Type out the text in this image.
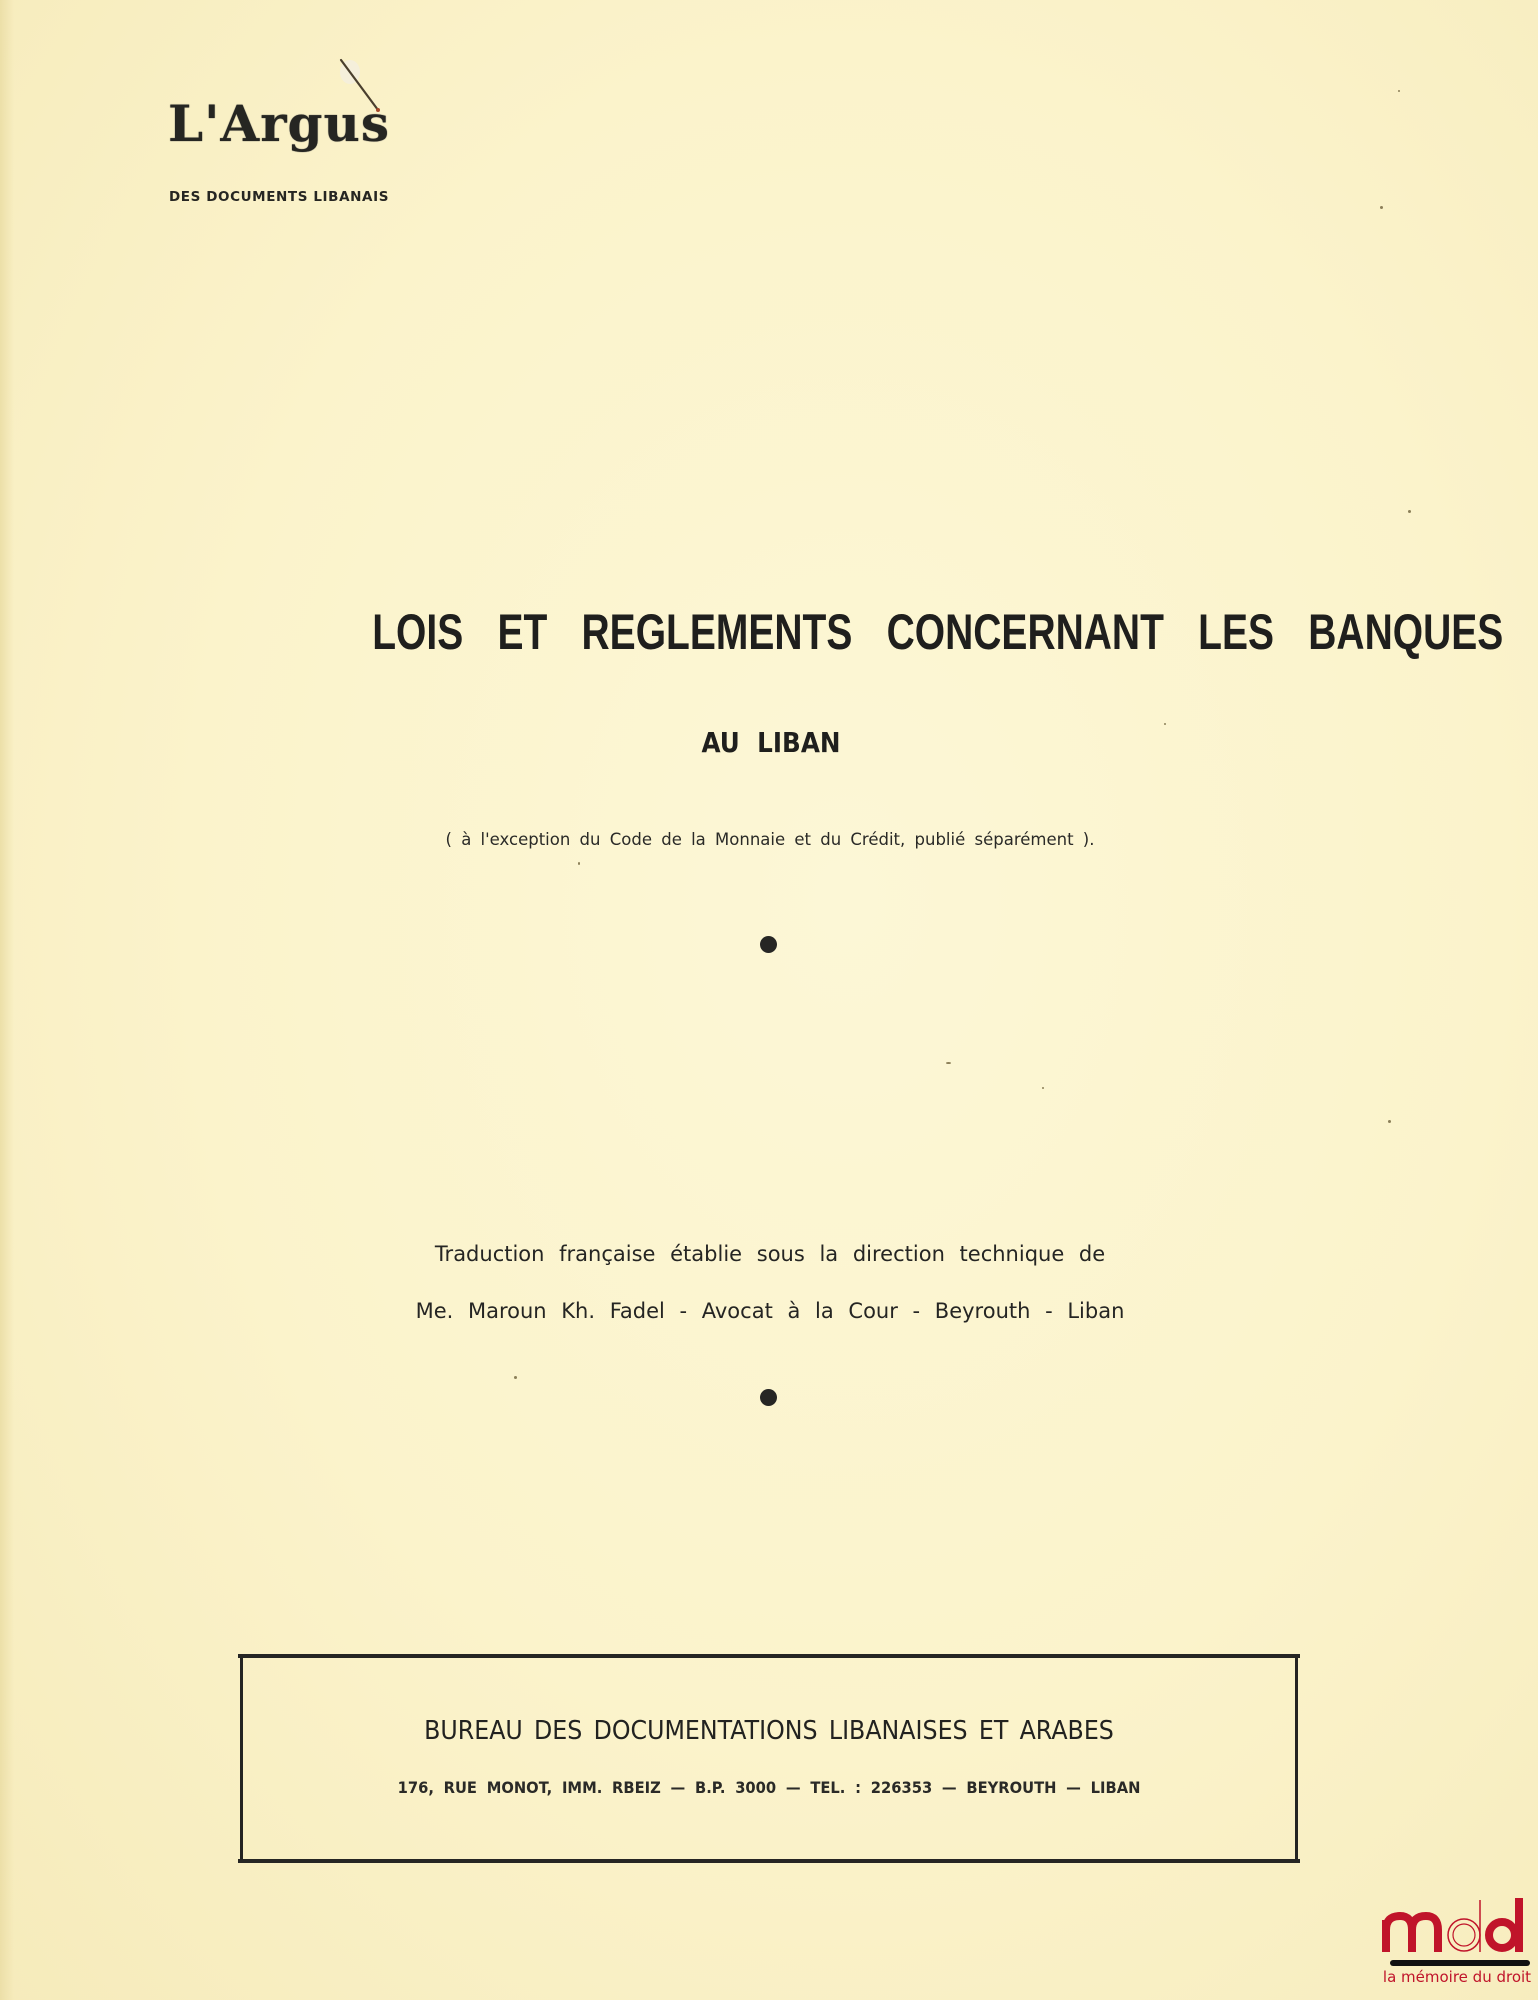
L'Argus
DES DOCUMENTS LIBANAIS
LOIS ET REGLEMENTS CONCERNANT LES BANQUES
AU LIBAN
( à l'exception du Code de la Monnaie et du Crédit, publié séparément ).
Traduction française établie sous la direction technique de
Me. Maroun Kh. Fadel - Avocat à la Cour - Beyrouth - Liban
BUREAU DES DOCUMENTATIONS LIBANAISES ET ARABES
176, RUE MONOT, IMM. RBEIZ — B.P. 3000 — TEL. : 226353 — BEYROUTH — LIBAN
la mémoire du droit
